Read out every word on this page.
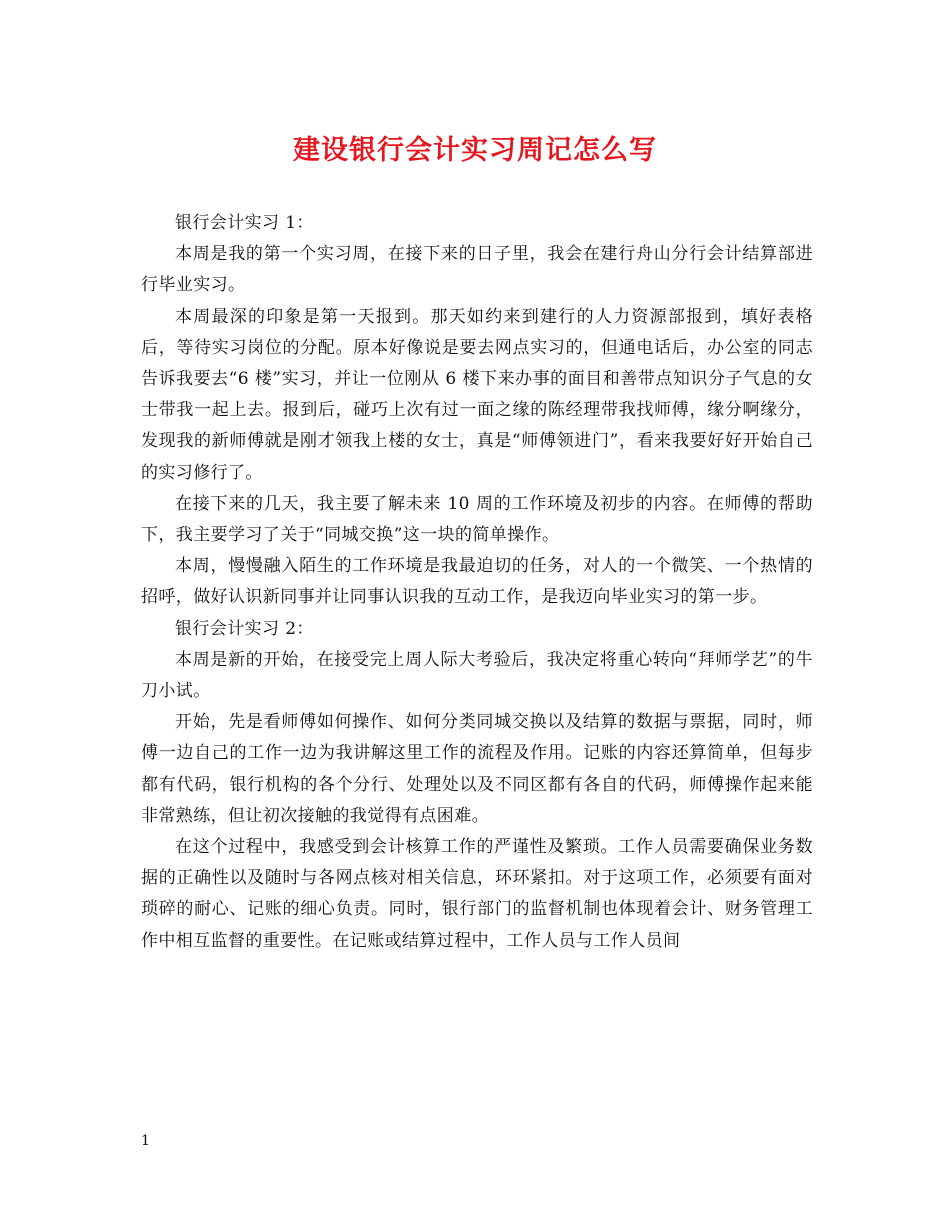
建设银行会计实习周记怎么写

银行会计实习 1：

本周是我的第一个实习周，在接下来的日子里，我会在建行舟山分行会计结算部进行毕业实习。

本周最深的印象是第一天报到。那天如约来到建行的人力资源部报到，填好表格后，等待实习岗位的分配。原本好像说是要去网点实习的，但通电话后，办公室的同志告诉我要去“6 楼”实习，并让一位刚从 6 楼下来办事的面目和善带点知识分子气息的女士带我一起上去。报到后，碰巧上次有过一面之缘的陈经理带我找师傅，缘分啊缘分，发现我的新师傅就是刚才领我上楼的女士，真是“师傅领进门”，看来我要好好开始自己的实习修行了。

在接下来的几天，我主要了解未来 10 周的工作环境及初步的内容。在师傅的帮助下，我主要学习了关于“同城交换”这一块的简单操作。

本周，慢慢融入陌生的工作环境是我最迫切的任务，对人的一个微笑、一个热情的招呼，做好认识新同事并让同事认识我的互动工作，是我迈向毕业实习的第一步。

银行会计实习 2：

本周是新的开始，在接受完上周人际大考验后，我决定将重心转向“拜师学艺”的牛刀小试。

开始，先是看师傅如何操作、如何分类同城交换以及结算的数据与票据，同时，师傅一边自己的工作一边为我讲解这里工作的流程及作用。记账的内容还算简单，但每步都有代码，银行机构的各个分行、处理处以及不同区都有各自的代码，师傅操作起来能非常熟练，但让初次接触的我觉得有点困难。

在这个过程中，我感受到会计核算工作的严谨性及繁琐。工作人员需要确保业务数据的正确性以及随时与各网点核对相关信息，环环紧扣。对于这项工作，必须要有面对琐碎的耐心、记账的细心负责。同时，银行部门的监督机制也体现着会计、财务管理工作中相互监督的重要性。在记账或结算过程中，工作人员与工作人员间

1
